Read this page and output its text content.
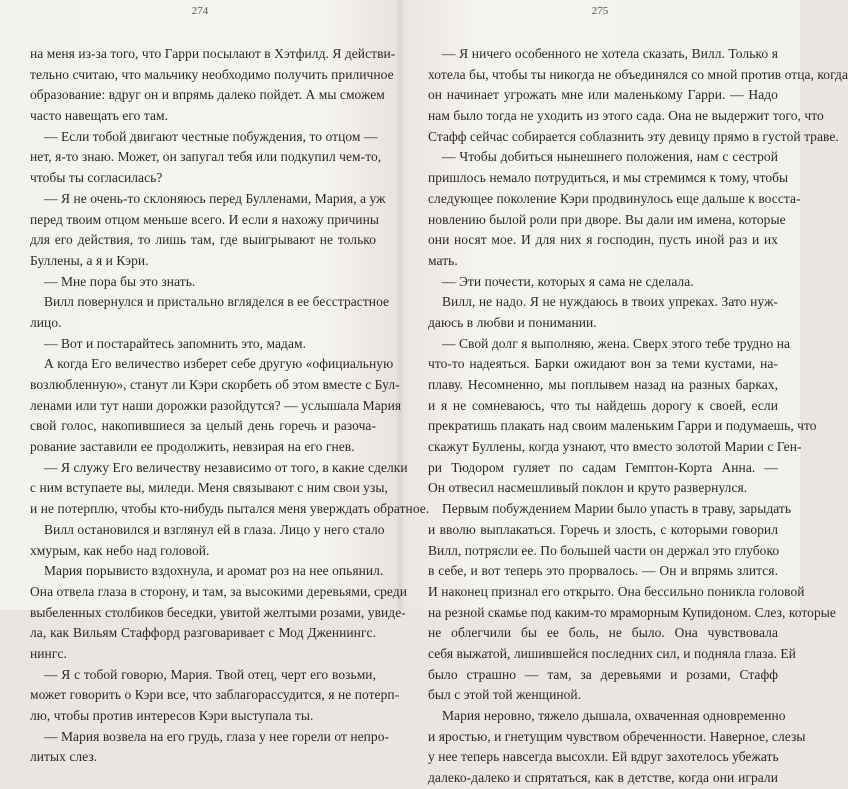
274
на меня из-за того, что Гарри посылают в Хэтфилд. Я действи-
тельно считаю, что мальчику необходимо получить приличное
образование: вдруг он и впрямь далеко пойдет. А мы сможем
часто навещать его там.
— Если тобой двигают честные побуждения, то отцом —
нет, я-то знаю. Может, он запугал тебя или подкупил чем-то,
чтобы ты согласилась?
— Я не очень-то склоняюсь перед Булленами, Мария, а уж
перед твоим отцом меньше всего. И если я нахожу причины
для его действия, то лишь там, где выигрывают не только
Буллены, а я и Кэри.
— Мне пора бы это знать.
Вилл повернулся и пристально вгляделся в ее бесстрастное
лицо.
— Вот и постарайтесь запомнить это, мадам.
А когда Его величество изберет себе другую «официальную
возлюбленную», станут ли Кэри скорбеть об этом вместе с Бул-
ленами или тут наши дорожки разойдутся? — услышала Мария
свой голос, накопившиеся за целый день горечь и разоча-
рование заставили ее продолжить, невзирая на его гнев.
— Я служу Его величеству независимо от того, в какие сделки
с ним вступаете вы, миледи. Меня связывают с ним свои узы,
и не потерплю, чтобы кто-нибудь пытался меня уверждать обратное.
Вилл остановился и взглянул ей в глаза. Лицо у него стало
хмурым, как небо над головой.
Мария порывисто вздохнула, и аромат роз на нее опьянил.
Она отвела глаза в сторону, и там, за высокими деревьями, среди
выбеленных столбиков беседки, увитой желтыми розами, увиде-
ла, как Вильям Стаффорд разговаривает с Мод Дженнингс.
нингс.
— Я с тобой говорю, Мария. Твой отец, черт его возьми,
может говорить о Кэри все, что заблагорассудится, я не потерп-
лю, чтобы против интересов Кэри выступала ты.
— Мария возвела на его грудь, глаза у нее горели от непро-
литых слез.
275
— Я ничего особенного не хотела сказать, Вилл. Только я
хотела бы, чтобы ты никогда не объединялся со мной против отца, когда
он начинает угрожать мне или маленькому Гарри. — Надо
нам было тогда не уходить из этого сада. Она не выдержит того, что
Стафф сейчас собирается соблазнить эту девицу прямо в густой траве.
— Чтобы добиться нынешнего положения, нам с сестрой
пришлось немало потрудиться, и мы стремимся к тому, чтобы
следующее поколение Кэри продвинулось еще дальше к восста-
новлению былой роли при дворе. Вы дали им имена, которые
они носят мое. И для них я господин, пусть иной раз и их
мать.
— Эти почести, которых я сама не сделала.
Вилл, не надо. Я не нуждаюсь в твоих упреках. Зато нуж-
даюсь в любви и понимании.
— Свой долг я выполняю, жена. Сверх этого тебе трудно на
что-то надеяться. Барки ожидают вон за теми кустами, на-
плаву. Несомненно, мы поплывем назад на разных барках,
и я не сомневаюсь, что ты найдешь дорогу к своей, если
прекратишь плакать над своим маленьким Гарри и подумаешь, что
скажут Буллены, когда узнают, что вместо золотой Марии с Ген-
ри Тюдором гуляет по садам Гемптон-Корта Анна. —
Он отвесил насмешливый поклон и круто развернулся.
Первым побуждением Марии было упасть в траву, зарыдать
и вволю выплакаться. Горечь и злость, с которыми говорил
Вилл, потрясли ее. По большей части он держал это глубоко
в себе, и вот теперь это прорвалось. — Он и впрямь злится.
И наконец признал его открыто. Она бессильно поникла головой
на резной скамье под каким-то мраморным Купидоном. Слез, которые
не облегчили бы ее боль, не было. Она чувствовала
себя выжатой, лишившейся последних сил, и подняла глаза. Ей
было страшно — там, за деревьями и розами, Стафф
был с этой той женщиной.
Мария неровно, тяжело дышала, охваченная одновременно
и яростью, и гнетущим чувством обреченности. Наверное, слезы
у нее теперь навсегда высохли. Ей вдруг захотелось убежать
далеко-далеко и спрятаться, как в детстве, когда они играли
